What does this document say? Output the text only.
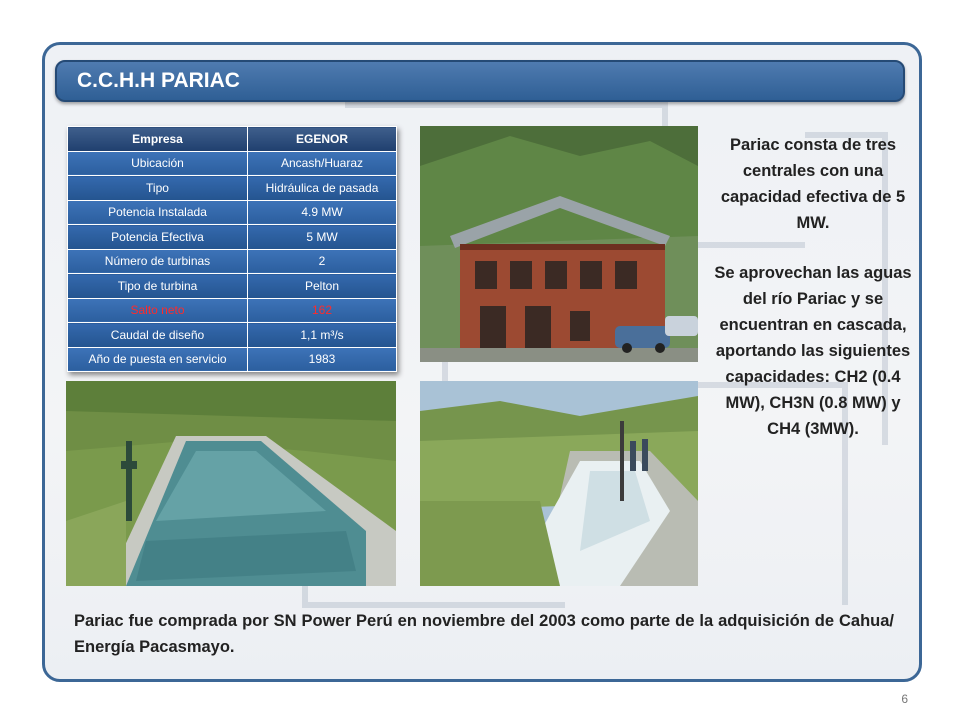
C.C.H.H PARIAC
Empresa	EGENOR
Ubicación	Ancash/Huaraz
Tipo	Hidráulica de pasada
Potencia Instalada	4.9 MW
Potencia Efectiva	5 MW
Número de turbinas	2
Tipo de turbina	Pelton
Salto neto	162
Caudal de diseño	1,1 m³/s
Año de puesta en servicio	1983

Pariac consta de tres centrales con una capacidad efectiva de 5 MW.

Se aprovechan las aguas del río Pariac y se encuentran en cascada, aportando las siguientes capacidades: CH2 (0.4 MW), CH3N (0.8 MW) y CH4 (3MW).

Pariac fue comprada por SN Power Perú en noviembre del 2003 como parte de la adquisición de Cahua/ Energía Pacasmayo.
6
